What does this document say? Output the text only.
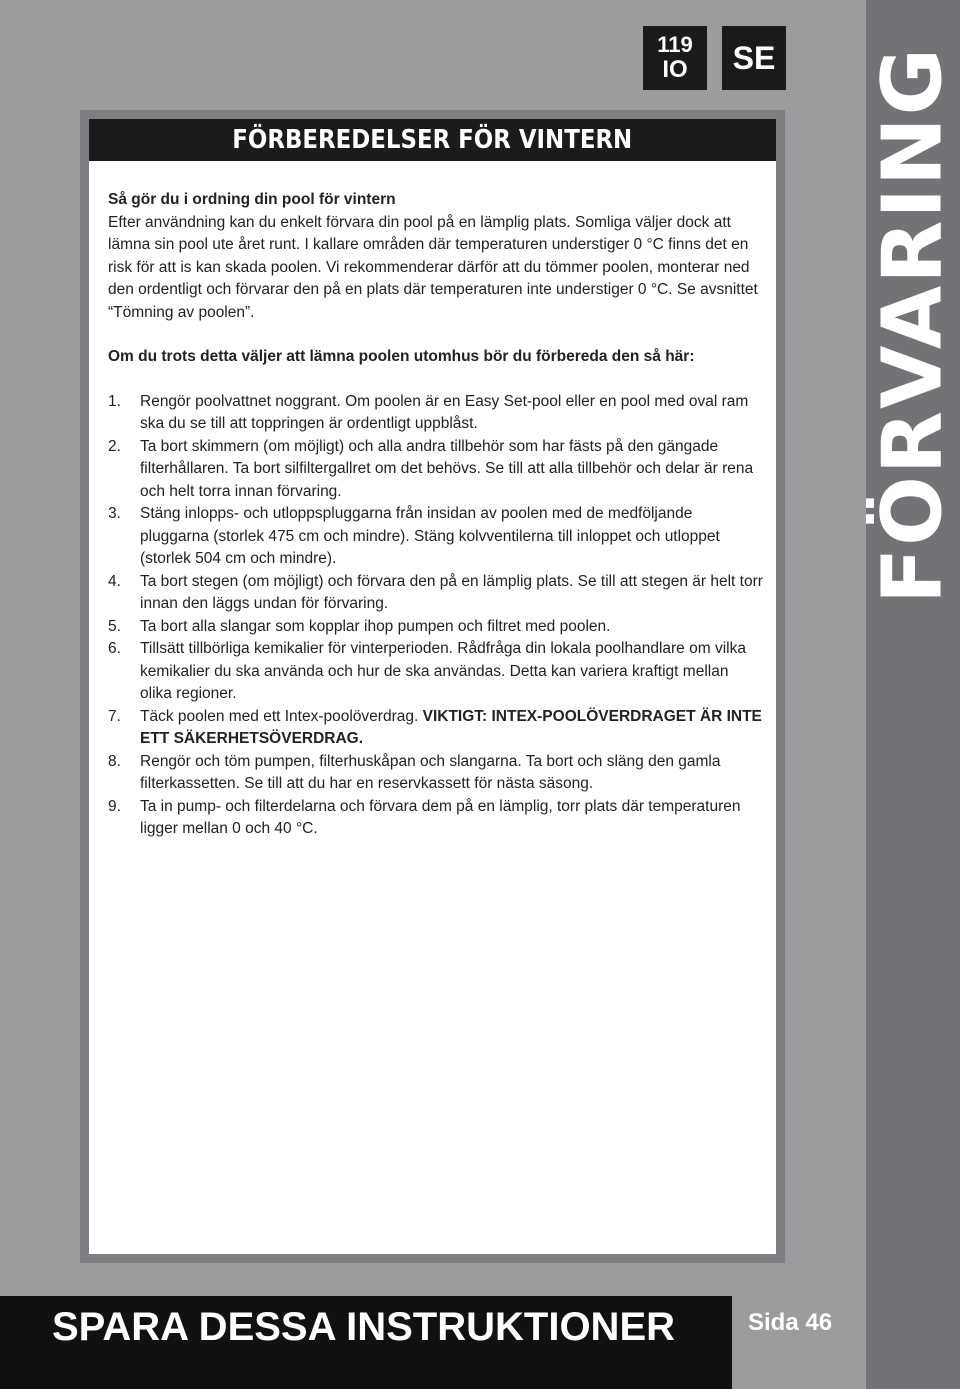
FÖRVARING
119
IO	SE
FÖRBEREDELSER FÖR VINTERN

Så gör du i ordning din pool för vintern

Efter användning kan du enkelt förvara din pool på en lämplig plats. Somliga väljer dock att lämna sin pool ute året runt. I kallare områden där temperaturen understiger 0 °C finns det en risk för att is kan skada poolen. Vi rekommenderar därför att du tömmer poolen, monterar ned den ordentligt och förvarar den på en plats där temperaturen inte understiger 0 °C. Se avsnittet “Tömning av poolen”.

Om du trots detta väljer att lämna poolen utomhus bör du förbereda den så här:

1. Rengör poolvattnet noggrant. Om poolen är en Easy Set-pool eller en pool med oval ram ska du se till att toppringen är ordentligt uppblåst.
2. Ta bort skimmern (om möjligt) och alla andra tillbehör som har fästs på den gängade filterhållaren. Ta bort silfiltergallret om det behövs. Se till att alla tillbehör och delar är rena och helt torra innan förvaring.
3. Stäng inlopps- och utloppspluggarna från insidan av poolen med de medföljande pluggarna (storlek 475 cm och mindre). Stäng kolvventilerna till inloppet och utloppet (storlek 504 cm och mindre).
4. Ta bort stegen (om möjligt) och förvara den på en lämplig plats. Se till att stegen är helt torr innan den läggs undan för förvaring.
5. Ta bort alla slangar som kopplar ihop pumpen och filtret med poolen.
6. Tillsätt tillbörliga kemikalier för vinterperioden. Rådfråga din lokala poolhandlare om vilka kemikalier du ska använda och hur de ska användas. Detta kan variera kraftigt mellan olika regioner.
7. Täck poolen med ett Intex-poolöverdrag. VIKTIGT: INTEX-POOLÖVERDRAGET ÄR INTE ETT SÄKERHETSÖVERDRAG.
8. Rengör och töm pumpen, filterhuskåpan och slangarna. Ta bort och släng den gamla filterkassetten. Se till att du har en reservkassett för nästa säsong.
9. Ta in pump- och filterdelarna och förvara dem på en lämplig, torr plats där temperaturen ligger mellan 0 och 40 °C.
SPARA DESSA INSTRUKTIONER	Sida 46
